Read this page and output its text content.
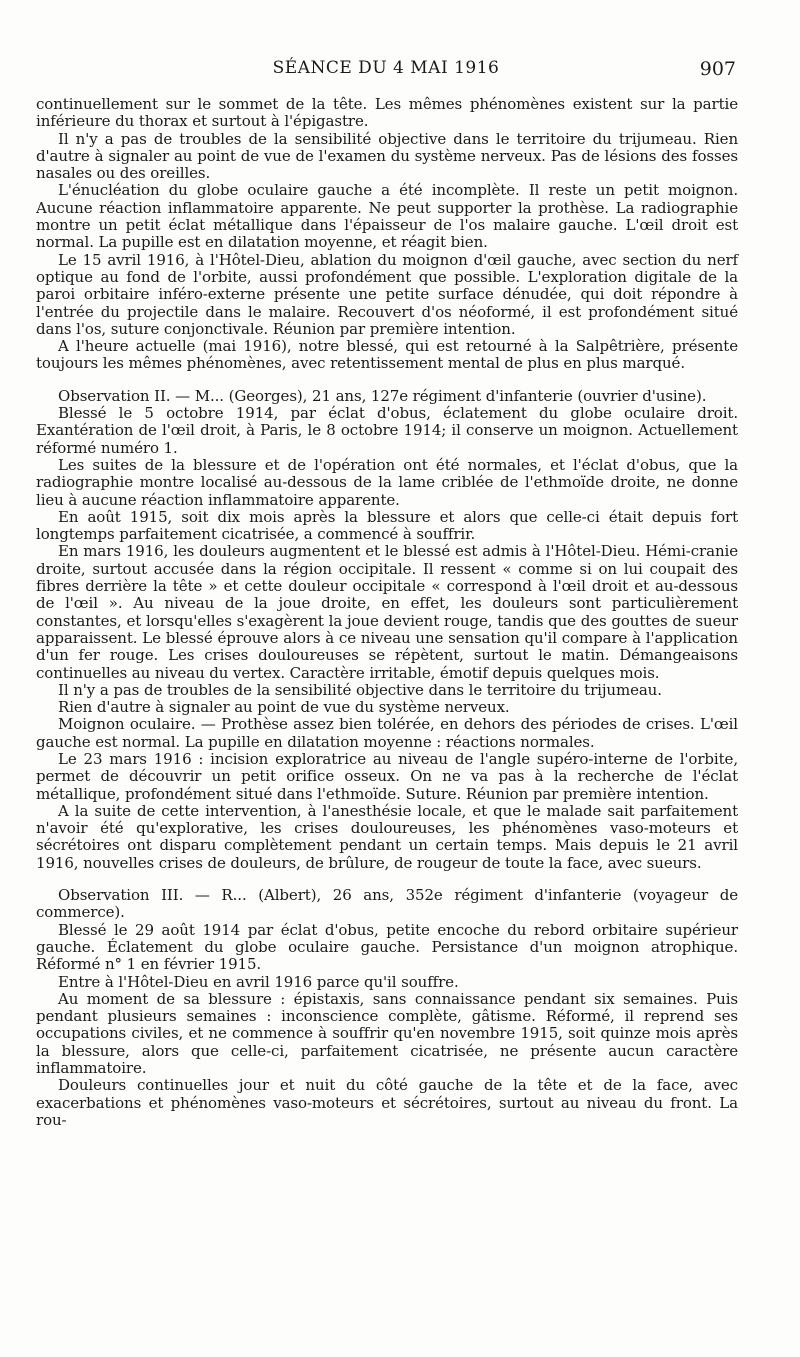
SÉANCE DU 4 MAI 1916	907

continuellement sur le sommet de la tête. Les mêmes phénomènes existent sur la partie inférieure du thorax et surtout à l'épigastre.

Il n'y a pas de troubles de la sensibilité objective dans le territoire du trijumeau. Rien d'autre à signaler au point de vue de l'examen du système nerveux. Pas de lésions des fosses nasales ou des oreilles.

L'énucléation du globe oculaire gauche a été incomplète. Il reste un petit moignon. Aucune réaction inflammatoire apparente. Ne peut supporter la prothèse. La radiographie montre un petit éclat métallique dans l'épaisseur de l'os malaire gauche. L'œil droit est normal. La pupille est en dilatation moyenne, et réagit bien.

Le 15 avril 1916, à l'Hôtel-Dieu, ablation du moignon d'œil gauche, avec section du nerf optique au fond de l'orbite, aussi profondément que possible. L'exploration digitale de la paroi orbitaire inféro-externe présente une petite surface dénudée, qui doit répondre à l'entrée du projectile dans le malaire. Recouvert d'os néoformé, il est profondément situé dans l'os, suture conjonctivale. Réunion par première intention.

A l'heure actuelle (mai 1916), notre blessé, qui est retourné à la Salpêtrière, présente toujours les mêmes phénomènes, avec retentissement mental de plus en plus marqué.

Observation II. — M... (Georges), 21 ans, 127e régiment d'infanterie (ouvrier d'usine).

Blessé le 5 octobre 1914, par éclat d'obus, éclatement du globe oculaire droit. Exantération de l'œil droit, à Paris, le 8 octobre 1914; il conserve un moignon. Actuellement réformé numéro 1.

Les suites de la blessure et de l'opération ont été normales, et l'éclat d'obus, que la radiographie montre localisé au-dessous de la lame criblée de l'ethmoïde droite, ne donne lieu à aucune réaction inflammatoire apparente.

En août 1915, soit dix mois après la blessure et alors que celle-ci était depuis fort longtemps parfaitement cicatrisée, a commencé à souffrir.

En mars 1916, les douleurs augmentent et le blessé est admis à l'Hôtel-Dieu. Hémi-cranie droite, surtout accusée dans la région occipitale. Il ressent « comme si on lui coupait des fibres derrière la tête » et cette douleur occipitale « correspond à l'œil droit et au-dessous de l'œil ». Au niveau de la joue droite, en effet, les douleurs sont particulièrement constantes, et lorsqu'elles s'exagèrent la joue devient rouge, tandis que des gouttes de sueur apparaissent. Le blessé éprouve alors à ce niveau une sensation qu'il compare à l'application d'un fer rouge. Les crises douloureuses se répètent, surtout le matin. Démangeaisons continuelles au niveau du vertex. Caractère irritable, émotif depuis quelques mois.

Il n'y a pas de troubles de la sensibilité objective dans le territoire du trijumeau.

Rien d'autre à signaler au point de vue du système nerveux.

Moignon oculaire. — Prothèse assez bien tolérée, en dehors des périodes de crises. L'œil gauche est normal. La pupille en dilatation moyenne : réactions normales.

Le 23 mars 1916 : incision exploratrice au niveau de l'angle supéro-interne de l'orbite, permet de découvrir un petit orifice osseux. On ne va pas à la recherche de l'éclat métallique, profondément situé dans l'ethmoïde. Suture. Réunion par première intention.

A la suite de cette intervention, à l'anesthésie locale, et que le malade sait parfaitement n'avoir été qu'explorative, les crises douloureuses, les phénomènes vaso-moteurs et sécrétoires ont disparu complètement pendant un certain temps. Mais depuis le 21 avril 1916, nouvelles crises de douleurs, de brûlure, de rougeur de toute la face, avec sueurs.

Observation III. — R... (Albert), 26 ans, 352e régiment d'infanterie (voyageur de commerce).

Blessé le 29 août 1914 par éclat d'obus, petite encoche du rebord orbitaire supérieur gauche. Éclatement du globe oculaire gauche. Persistance d'un moignon atrophique. Réformé n° 1 en février 1915.

Entre à l'Hôtel-Dieu en avril 1916 parce qu'il souffre.

Au moment de sa blessure : épistaxis, sans connaissance pendant six semaines. Puis pendant plusieurs semaines : inconscience complète, gâtisme. Réformé, il reprend ses occupations civiles, et ne commence à souffrir qu'en novembre 1915, soit quinze mois après la blessure, alors que celle-ci, parfaitement cicatrisée, ne présente aucun caractère inflammatoire.

Douleurs continuelles jour et nuit du côté gauche de la tête et de la face, avec exacerbations et phénomènes vaso-moteurs et sécrétoires, surtout au niveau du front. La rou-
